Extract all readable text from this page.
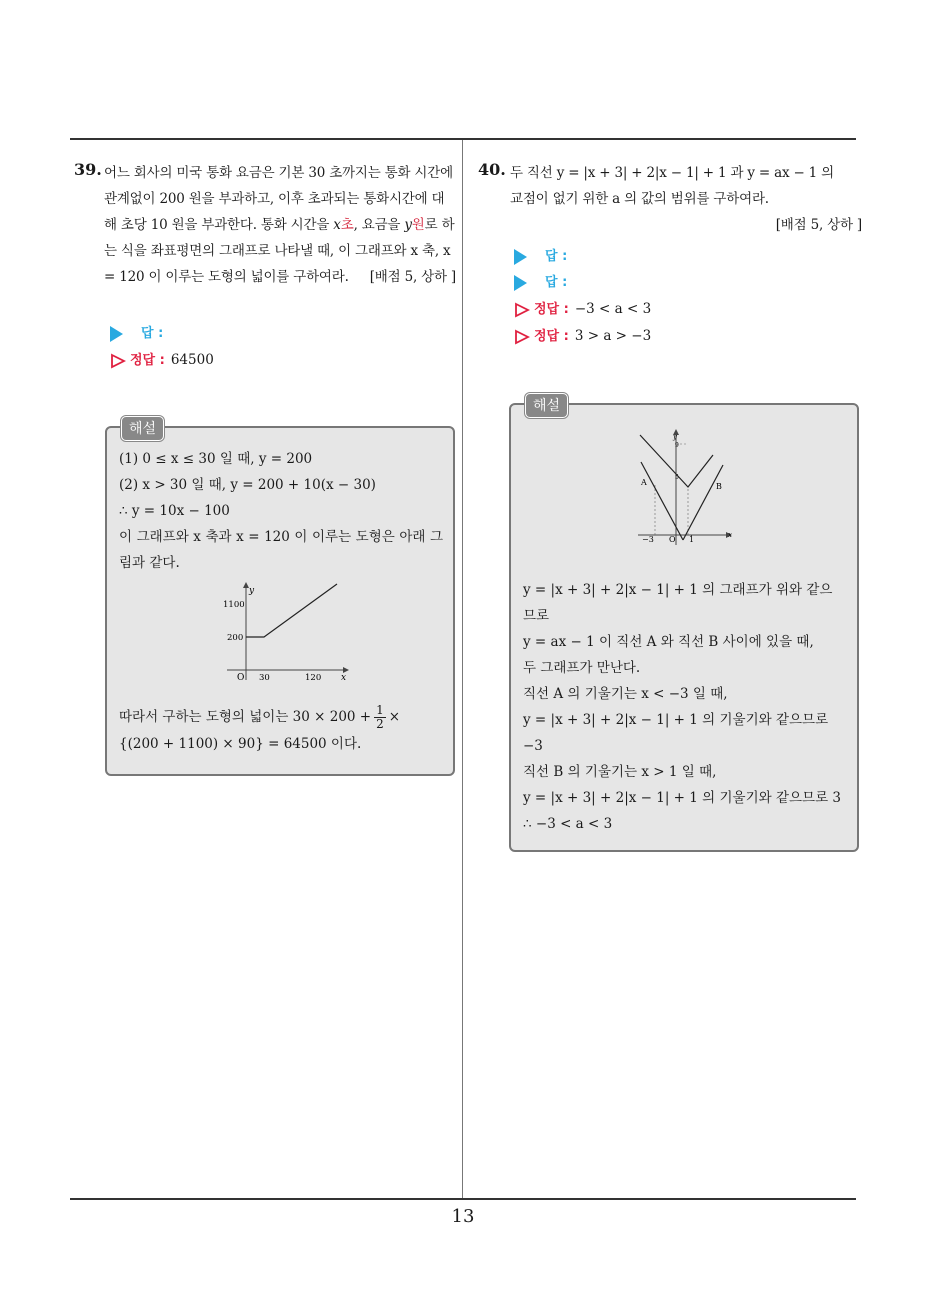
39. 어느 회사의 미국 통화 요금은 기본 30 초까지는 통화 시간에 관계없이 200 원을 부과하고, 이후 초과되는 통화시간에 대해 초당 10 원을 부과한다. 통화 시간을 x초, 요금을 y원로 하는 식을 좌표평면의 그래프로 나타낼 때, 이 그래프와 x 축, x = 120 이 이루는 도형의 넓이를 구하여라.	[배점 5, 상하 ]
답 :
정답 : 64500
해설

(1) 0 ≤ x ≤ 30 일 때, y = 200

(2) x > 30 일 때, y = 200 + 10(x − 30)

∴ y = 10x − 100

이 그래프와 x 축과 x = 120 이 이루는 도형은 아래 그림과 같다.

y
x
O
1100
200
30	120

따라서 구하는 도형의 넓이는 $30 \times 200 + \frac{1}{2}$ ×

{(200 + 1100) × 90} = 64500 이다.

40. 두 직선 y = |x + 3| + 2|x − 1| + 1 과 y = ax − 1 의
교점이 없기 위한 a 의 값의 범위를 구하여라.
[배점 5, 상하 ]
답 :
답 :
정답 : −3 < a < 3
정답 : 3 > a > −3
해설
y
x
O
−3	1
9
5
A	B

y = |x + 3| + 2|x − 1| + 1 의 그래프가 위와 같으

므로

y = ax − 1 이 직선 A 와 직선 B 사이에 있을 때,

두 그래프가 만난다.

직선 A 의 기울기는 x < −3 일 때,

y = |x + 3| + 2|x − 1| + 1 의 기울기와 같으므로

−3

직선 B 의 기울기는 x > 1 일 때,

y = |x + 3| + 2|x − 1| + 1 의 기울기와 같으므로 3

∴ −3 < a < 3

13
